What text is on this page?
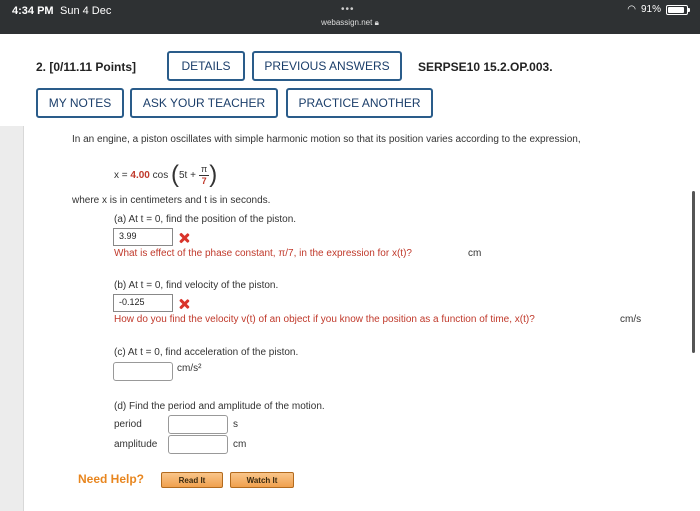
4:34 PM Sun 4 Dec	•••
webassign.net 🔒︎
◠ 91%
2. [0/11.11 Points]	DETAILS	PREVIOUS ANSWERS	SERPSE10 15.2.OP.003.
MY NOTES	ASK YOUR TEACHER	PRACTICE ANOTHER
In an engine, a piston oscillates with simple harmonic motion so that its position varies according to the expression,
x =
4.00
cos
( $5t + \frac{\pi}{7}$ )
where x is in centimeters and t is in seconds.
(a) At t = 0, find the position of the piston.
3.99
What is effect of the phase constant, π/7, in the expression for x(t)?	cm
(b) At t = 0, find velocity of the piston.
-0.125
How do you find the velocity v(t) of an object if you know the position as a function of time, x(t)?	cm/s
(c) At t = 0, find acceleration of the piston.
cm/s²
(d) Find the period and amplitude of the motion.
period	s
amplitude	cm
Need Help?	Read It	Watch It
